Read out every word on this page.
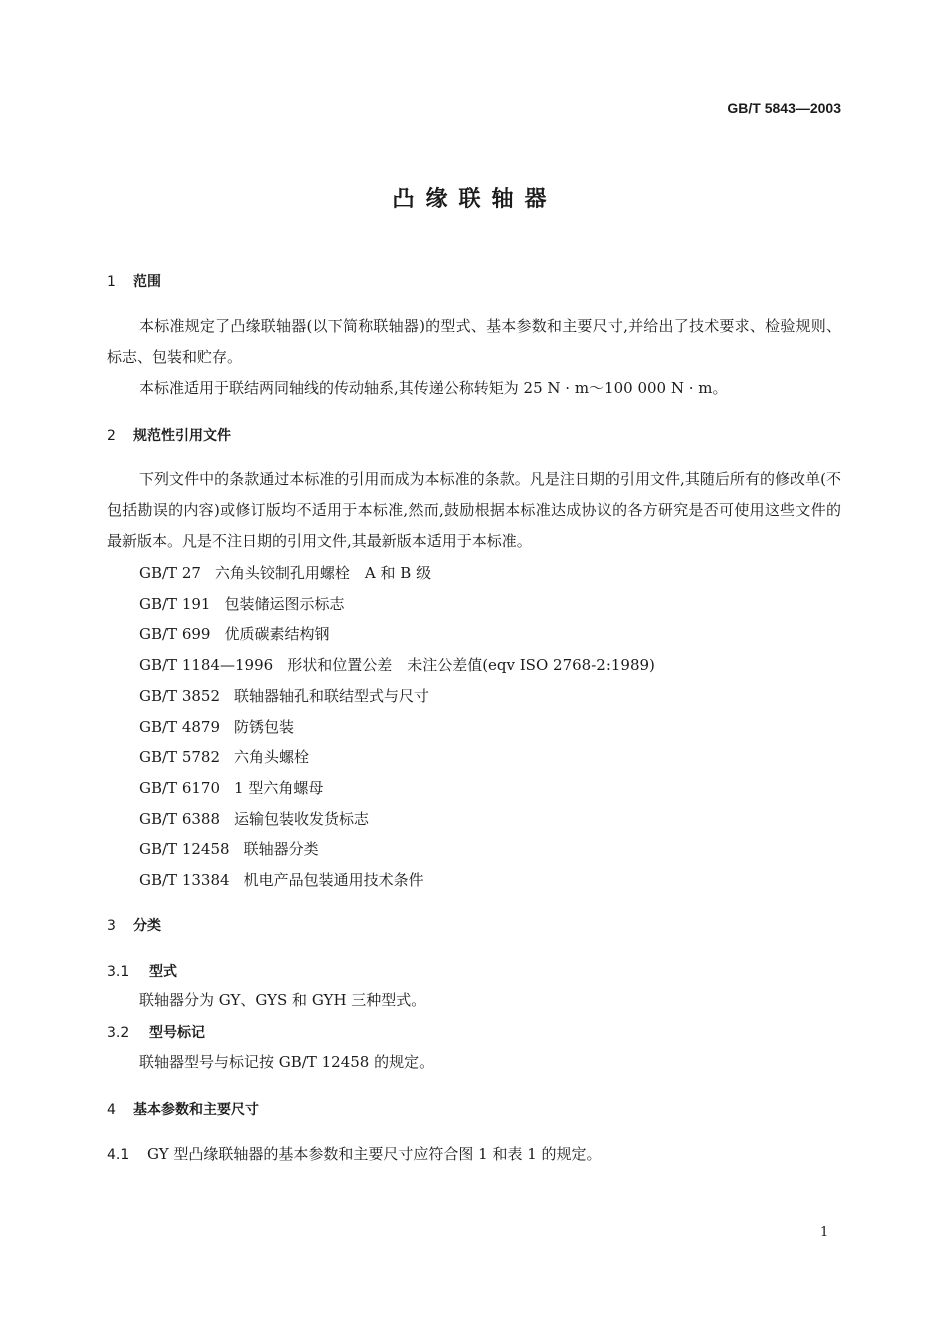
GB/T 5843—2003
凸缘联轴器
1 范围

本标准规定了凸缘联轴器(以下简称联轴器)的型式、基本参数和主要尺寸,并给出了技术要求、检验规则、标志、包装和贮存。

本标准适用于联结两同轴线的传动轴系,其传递公称转矩为 25 N · m～100 000 N · m。

2 规范性引用文件

下列文件中的条款通过本标准的引用而成为本标准的条款。凡是注日期的引用文件,其随后所有的修改单(不包括勘误的内容)或修订版均不适用于本标准,然而,鼓励根据本标准达成协议的各方研究是否可使用这些文件的最新版本。凡是不注日期的引用文件,其最新版本适用于本标准。

GB/T 27 六角头铰制孔用螺栓　A 和 B 级
GB/T 191 包装储运图示标志
GB/T 699 优质碳素结构钢
GB/T 1184—1996 形状和位置公差　未注公差值(eqv ISO 2768-2:1989)
GB/T 3852 联轴器轴孔和联结型式与尺寸
GB/T 4879 防锈包装
GB/T 5782 六角头螺栓
GB/T 6170 1 型六角螺母
GB/T 6388 运输包装收发货标志
GB/T 12458 联轴器分类
GB/T 13384 机电产品包装通用技术条件
3 分类
3.1 型式
联轴器分为 GY、GYS 和 GYH 三种型式。
3.2 型号标记
联轴器型号与标记按 GB/T 12458 的规定。
4 基本参数和主要尺寸
4.1 GY 型凸缘联轴器的基本参数和主要尺寸应符合图 1 和表 1 的规定。
1
